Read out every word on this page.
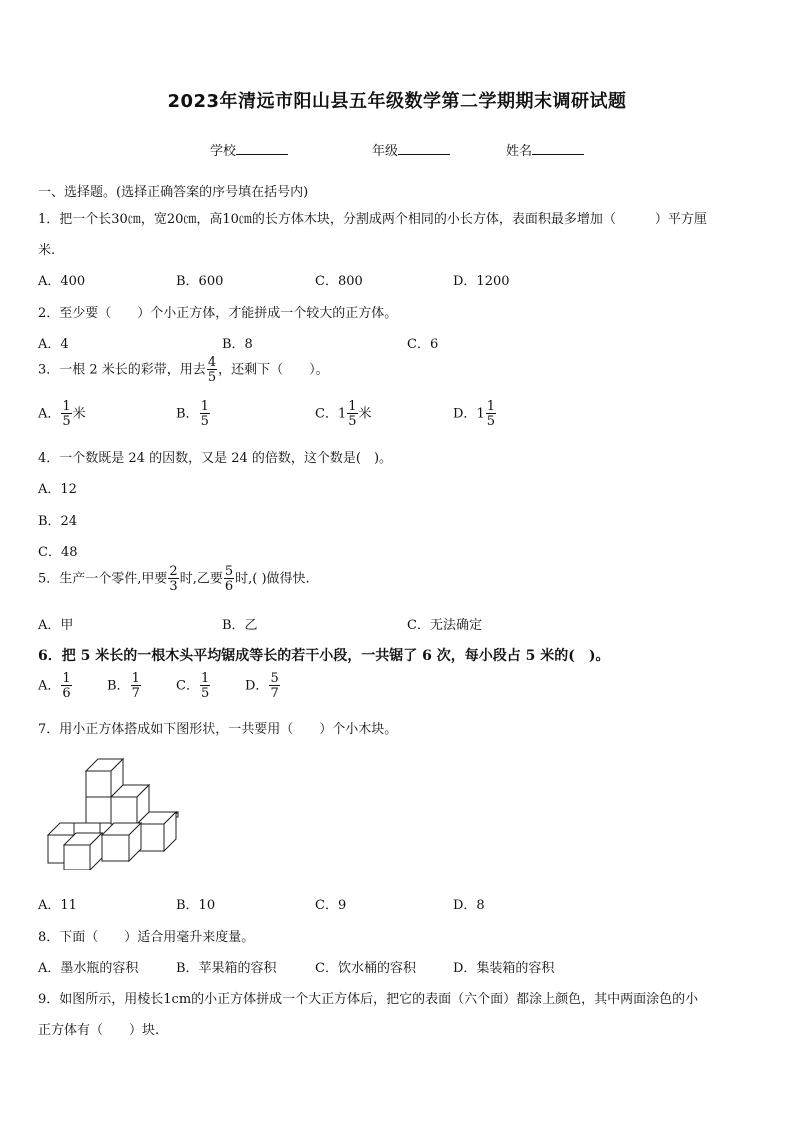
2023年清远市阳山县五年级数学第二学期期末调研试题
学校	年级	姓名
一、选择题。(选择正确答案的序号填在括号内)
1．把一个长30㎝，宽20㎝，高10㎝的长方体木块，分割成两个相同的小长方体，表面积最多增加（　　　）平方厘
米.
A．400	B．600	C．800	D．1200
2．至少要（　　）个小正方体，才能拼成一个较大的正方体。
A．4	B．8	C．6
3．一根 2 米长的彩带，用去 $\frac{4}{5}$ ，还剩下（　　）。
A． $\frac{1}{5}$ 米	B． $\frac{1}{5}$	C．$1 \frac{1}{5}$ 米	D．$1 \frac{1}{5}$
4．一个数既是 24 的因数，又是 24 的倍数，这个数是(　)。
A．12
B．24
C．48
5．生产一个零件,甲要 $\frac{2}{3}$ 时,乙要 $\frac{5}{6}$ 时,( )做得快.
A．甲	B．乙	C．无法确定
6．把 5 米长的一根木头平均锯成等长的若干小段，一共锯了 6 次，每小段占 5 米的(　)。
A． $\frac{1}{6}$	B． $\frac{1}{7}$	C． $\frac{1}{5}$	D． $\frac{5}{7}$
7．用小正方体搭成如下图形状，一共要用（　　）个小木块。
A．11	B．10	C．9	D．8
8．下面（　　）适合用毫升来度量。
A．墨水瓶的容积	B．苹果箱的容积	C．饮水桶的容积	D．集装箱的容积
9．如图所示，用棱长1cm的小正方体拼成一个大正方体后，把它的表面（六个面）都涂上颜色，其中两面涂色的小
正方体有（　　）块.
